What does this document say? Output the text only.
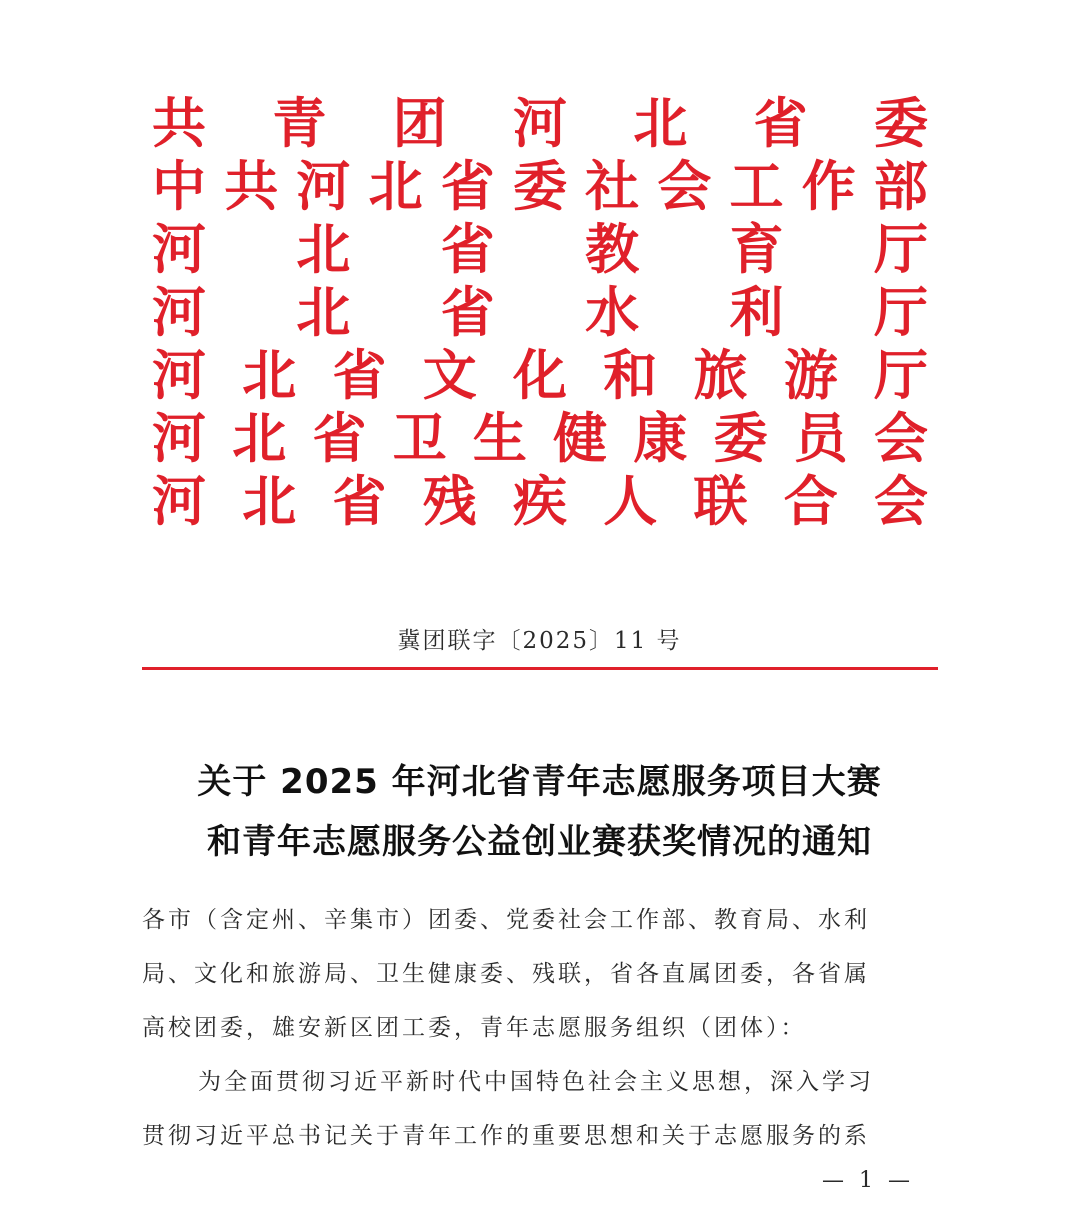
共 青 团 河 北 省 委
中 共 河 北 省 委 社 会 工 作 部
河 北 省 教 育 厅
河 北 省 水 利 厅
河 北 省 文 化 和 旅 游 厅
河 北 省 卫 生 健 康 委 员 会
河 北 省 残 疾 人 联 合 会
冀团联字〔2025〕11 号
关于 2025 年河北省青年志愿服务项目大赛
和青年志愿服务公益创业赛获奖情况的通知
各市（含定州、辛集市）团委、党委社会工作部、教育局、水利
局、文化和旅游局、卫生健康委、残联，省各直属团委，各省属
高校团委，雄安新区团工委，青年志愿服务组织（团体）：
为全面贯彻习近平新时代中国特色社会主义思想，深入学习
贯彻习近平总书记关于青年工作的重要思想和关于志愿服务的系
— 1 —
